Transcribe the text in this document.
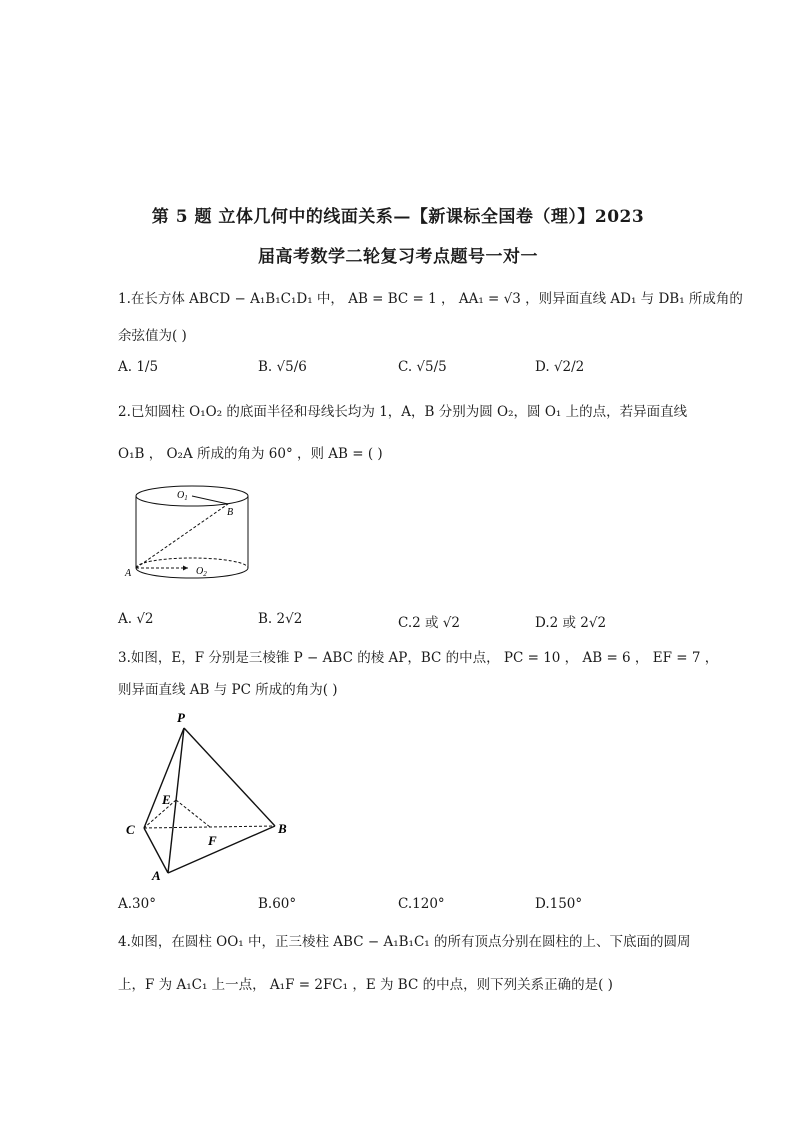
第 5 题 立体几何中的线面关系—【新课标全国卷（理）】2023
届高考数学二轮复习考点题号一对一
1.在长方体 ABCD − A₁B₁C₁D₁ 中， AB = BC = 1 ， AA₁ = √3 ，则异面直线 AD₁ 与 DB₁ 所成角的
余弦值为( )
A. 1/5	B. √5/6	C. √5/5	D. √2/2
2.已知圆柱 O₁O₂ 的底面半径和母线长均为 1，A，B 分别为圆 O₂，圆 O₁ 上的点，若异面直线
O₁B ， O₂A 所成的角为 60° ，则 AB = ( )
$O_1$
B
A	$O_2$
A. √2	B. 2√2	C.2 或 √2	D.2 或 2√2
3.如图，E，F 分别是三棱锥 P − ABC 的棱 AP，BC 的中点， PC = 10 ， AB = 6 ， EF = 7 ，
则异面直线 AB 与 PC 所成的角为( )
P
E
C
F
B
A
A.30°	B.60°	C.120°	D.150°
4.如图，在圆柱 OO₁ 中，正三棱柱 ABC − A₁B₁C₁ 的所有顶点分别在圆柱的上、下底面的圆周
上，F 为 A₁C₁ 上一点， A₁F = 2FC₁ ，E 为 BC 的中点，则下列关系正确的是( )
